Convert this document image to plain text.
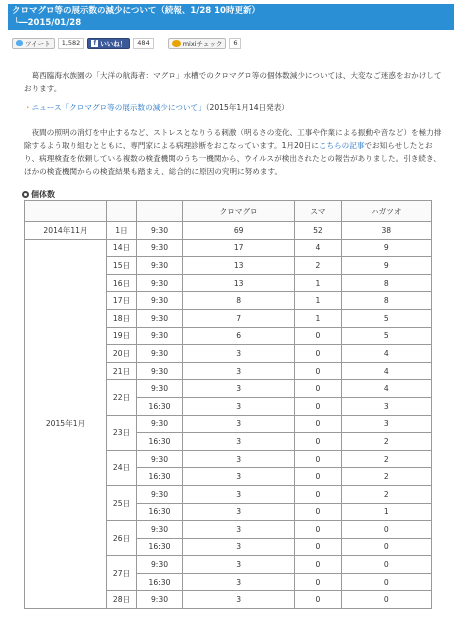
クロマグロ等の展示数の減少について（続報、1/28 10時更新）
└―2015/01/28
ツイート	1,582	f いいね！	484	mixiチェック	6

　葛西臨海水族園の「大洋の航海者：マグロ」水槽でのクロマグロ等の個体数減少については、大変なご迷惑をおかけしております。

・ニュース「クロマグロ等の展示数の減少について」（2015年1月14日発表）

　夜間の照明の消灯を中止するなど、ストレスとなりうる刺激（明るさの変化、工事や作業による振動や音など）を極力排除するよう取り組むとともに、専門家による病理診断をおこなっています。1月20日にこちらの記事でお知らせしたとおり、病理検査を依頼している複数の検査機関のうち一機関から、ウイルスが検出されたとの報告がありました。引き続き、ほかの検査機関からの検査結果も踏まえ、総合的に原因の究明に努めます。

個体数
			クロマグロ	スマ	ハガツオ
2014年11月	1日	9:30	69	52	38
2015年1月	14日	9:30	17	4	9
	15日	9:30	13	2	9
	16日	9:30	13	1	8
	17日	9:30	8	1	8
	18日	9:30	7	1	5
	19日	9:30	6	0	5
	20日	9:30	3	0	4
	21日	9:30	3	0	4
	22日	9:30	3	0	4
		16:30	3	0	3
	23日	9:30	3	0	3
		16:30	3	0	2
	24日	9:30	3	0	2
		16:30	3	0	2
	25日	9:30	3	0	2
		16:30	3	0	1
	26日	9:30	3	0	0
		16:30	3	0	0
	27日	9:30	3	0	0
		16:30	3	0	0
	28日	9:30	3	0	0
